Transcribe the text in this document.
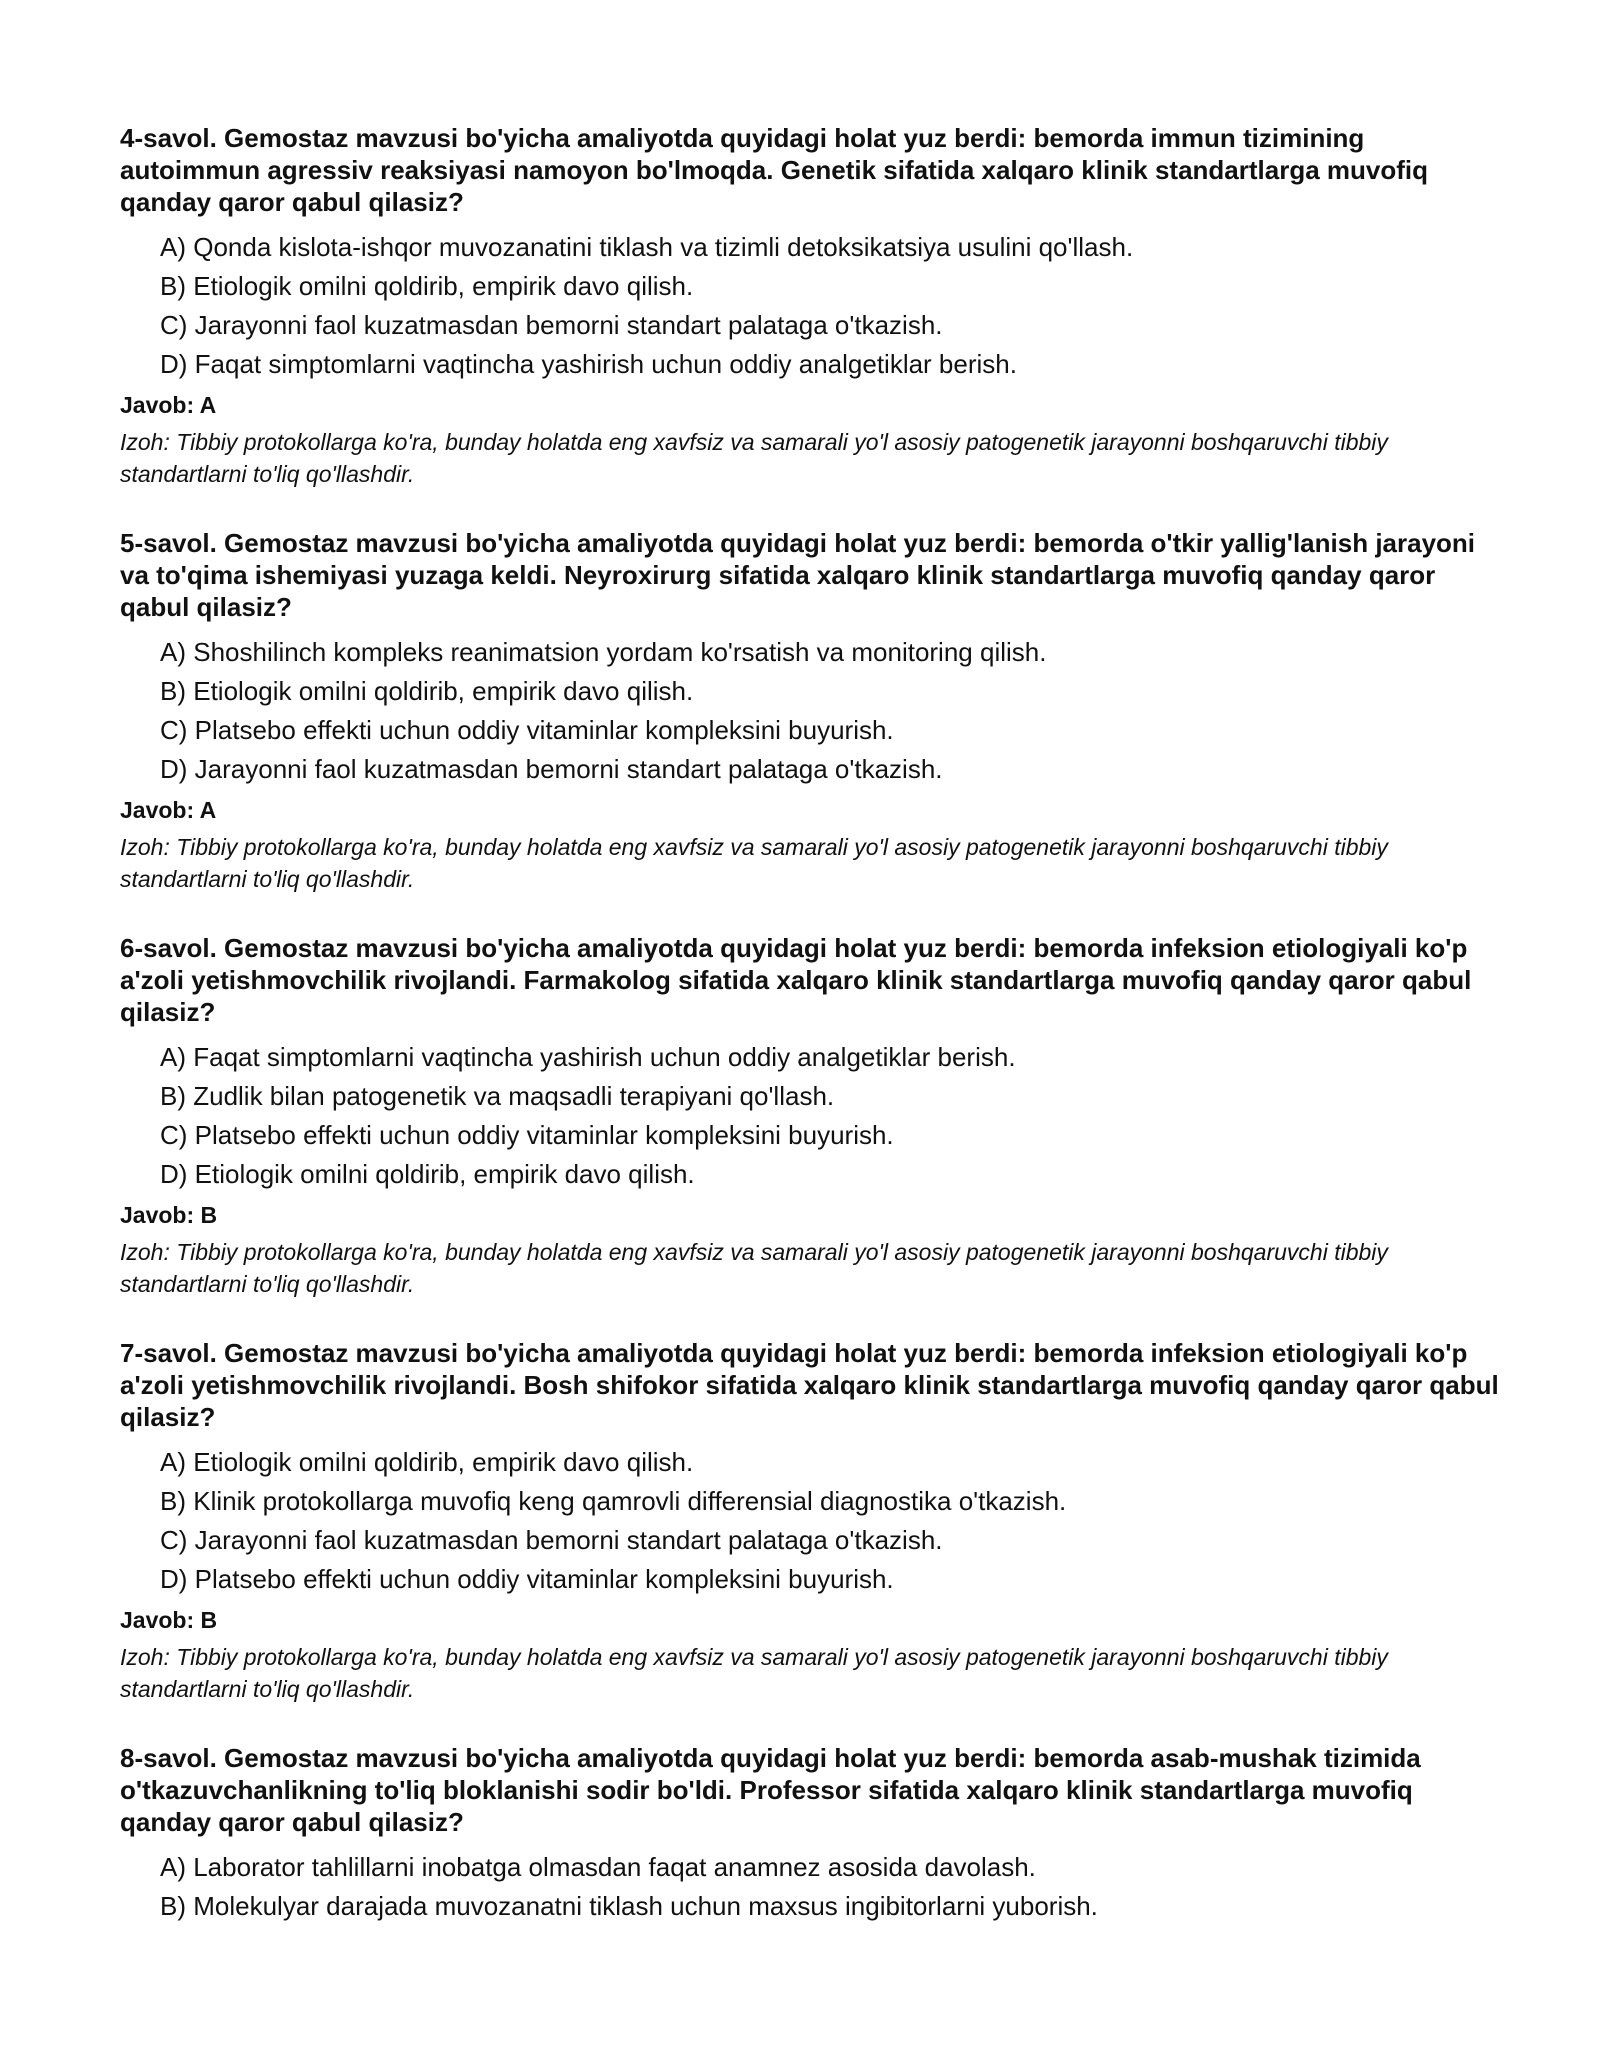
4-savol. Gemostaz mavzusi bo'yicha amaliyotda quyidagi holat yuz berdi: bemorda immun tizimining autoimmun agressiv reaksiyasi namoyon bo'lmoqda. Genetik sifatida xalqaro klinik standartlarga muvofiq qanday qaror qabul qilasiz?
A) Qonda kislota-ishqor muvozanatini tiklash va tizimli detoksikatsiya usulini qo'llash.
B) Etiologik omilni qoldirib, empirik davo qilish.
C) Jarayonni faol kuzatmasdan bemorni standart palataga o'tkazish.
D) Faqat simptomlarni vaqtincha yashirish uchun oddiy analgetiklar berish.
Javob: A

Izoh: Tibbiy protokollarga ko'ra, bunday holatda eng xavfsiz va samarali yo'l asosiy patogenetik jarayonni boshqaruvchi tibbiy standartlarni to'liq qo'llashdir.

5-savol. Gemostaz mavzusi bo'yicha amaliyotda quyidagi holat yuz berdi: bemorda o'tkir yallig'lanish jarayoni va to'qima ishemiyasi yuzaga keldi. Neyroxirurg sifatida xalqaro klinik standartlarga muvofiq qanday qaror qabul qilasiz?
A) Shoshilinch kompleks reanimatsion yordam ko'rsatish va monitoring qilish.
B) Etiologik omilni qoldirib, empirik davo qilish.
C) Platsebo effekti uchun oddiy vitaminlar kompleksini buyurish.
D) Jarayonni faol kuzatmasdan bemorni standart palataga o'tkazish.
Javob: A

Izoh: Tibbiy protokollarga ko'ra, bunday holatda eng xavfsiz va samarali yo'l asosiy patogenetik jarayonni boshqaruvchi tibbiy standartlarni to'liq qo'llashdir.

6-savol. Gemostaz mavzusi bo'yicha amaliyotda quyidagi holat yuz berdi: bemorda infeksion etiologiyali ko'p a'zoli yetishmovchilik rivojlandi. Farmakolog sifatida xalqaro klinik standartlarga muvofiq qanday qaror qabul qilasiz?
A) Faqat simptomlarni vaqtincha yashirish uchun oddiy analgetiklar berish.
B) Zudlik bilan patogenetik va maqsadli terapiyani qo'llash.
C) Platsebo effekti uchun oddiy vitaminlar kompleksini buyurish.
D) Etiologik omilni qoldirib, empirik davo qilish.
Javob: B

Izoh: Tibbiy protokollarga ko'ra, bunday holatda eng xavfsiz va samarali yo'l asosiy patogenetik jarayonni boshqaruvchi tibbiy standartlarni to'liq qo'llashdir.

7-savol. Gemostaz mavzusi bo'yicha amaliyotda quyidagi holat yuz berdi: bemorda infeksion etiologiyali ko'p a'zoli yetishmovchilik rivojlandi. Bosh shifokor sifatida xalqaro klinik standartlarga muvofiq qanday qaror qabul qilasiz?
A) Etiologik omilni qoldirib, empirik davo qilish.
B) Klinik protokollarga muvofiq keng qamrovli differensial diagnostika o'tkazish.
C) Jarayonni faol kuzatmasdan bemorni standart palataga o'tkazish.
D) Platsebo effekti uchun oddiy vitaminlar kompleksini buyurish.
Javob: B

Izoh: Tibbiy protokollarga ko'ra, bunday holatda eng xavfsiz va samarali yo'l asosiy patogenetik jarayonni boshqaruvchi tibbiy standartlarni to'liq qo'llashdir.

8-savol. Gemostaz mavzusi bo'yicha amaliyotda quyidagi holat yuz berdi: bemorda asab-mushak tizimida o'tkazuvchanlikning to'liq bloklanishi sodir bo'ldi. Professor sifatida xalqaro klinik standartlarga muvofiq qanday qaror qabul qilasiz?
A) Laborator tahlillarni inobatga olmasdan faqat anamnez asosida davolash.
B) Molekulyar darajada muvozanatni tiklash uchun maxsus ingibitorlarni yuborish.
